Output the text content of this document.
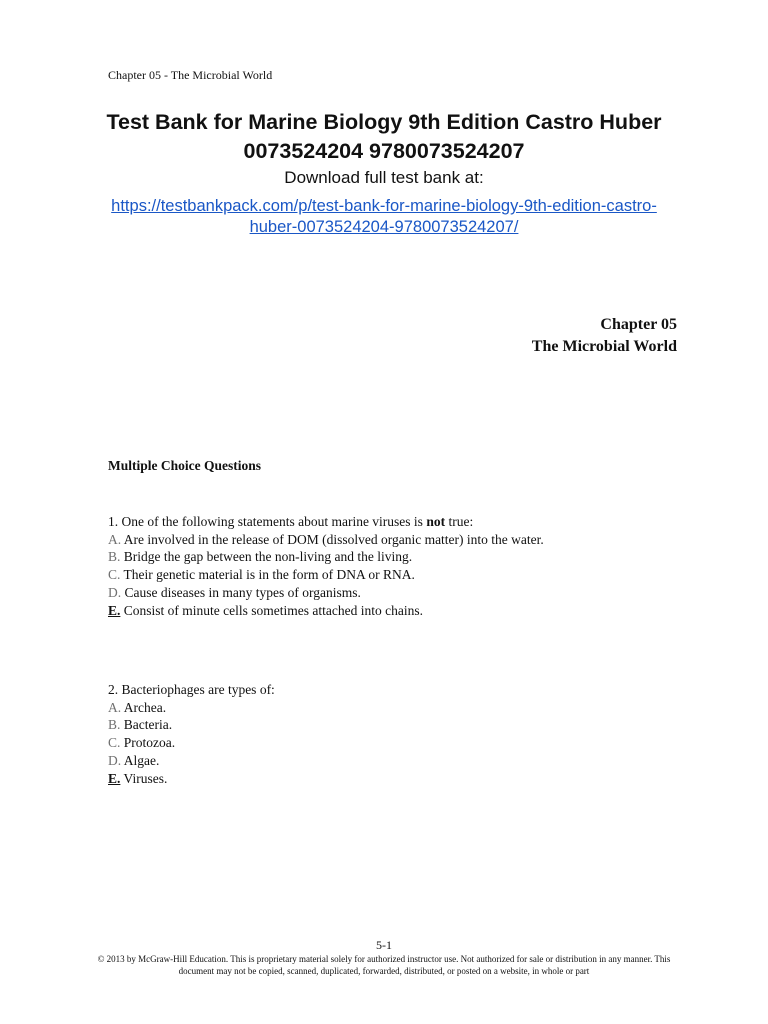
Chapter 05 - The Microbial World
Test Bank for Marine Biology 9th Edition Castro Huber 0073524204 9780073524207
Download full test bank at:
https://testbankpack.com/p/test-bank-for-marine-biology-9th-edition-castro-huber-0073524204-9780073524207/
Chapter 05
The Microbial World
Multiple Choice Questions
1. One of the following statements about marine viruses is not true:
A. Are involved in the release of DOM (dissolved organic matter) into the water.
B. Bridge the gap between the non-living and the living.
C. Their genetic material is in the form of DNA or RNA.
D. Cause diseases in many types of organisms.
E. Consist of minute cells sometimes attached into chains.
2. Bacteriophages are types of:
A. Archea.
B. Bacteria.
C. Protozoa.
D. Algae.
E. Viruses.
5-1
© 2013 by McGraw-Hill Education. This is proprietary material solely for authorized instructor use. Not authorized for sale or distribution in any manner. This document may not be copied, scanned, duplicated, forwarded, distributed, or posted on a website, in whole or part
